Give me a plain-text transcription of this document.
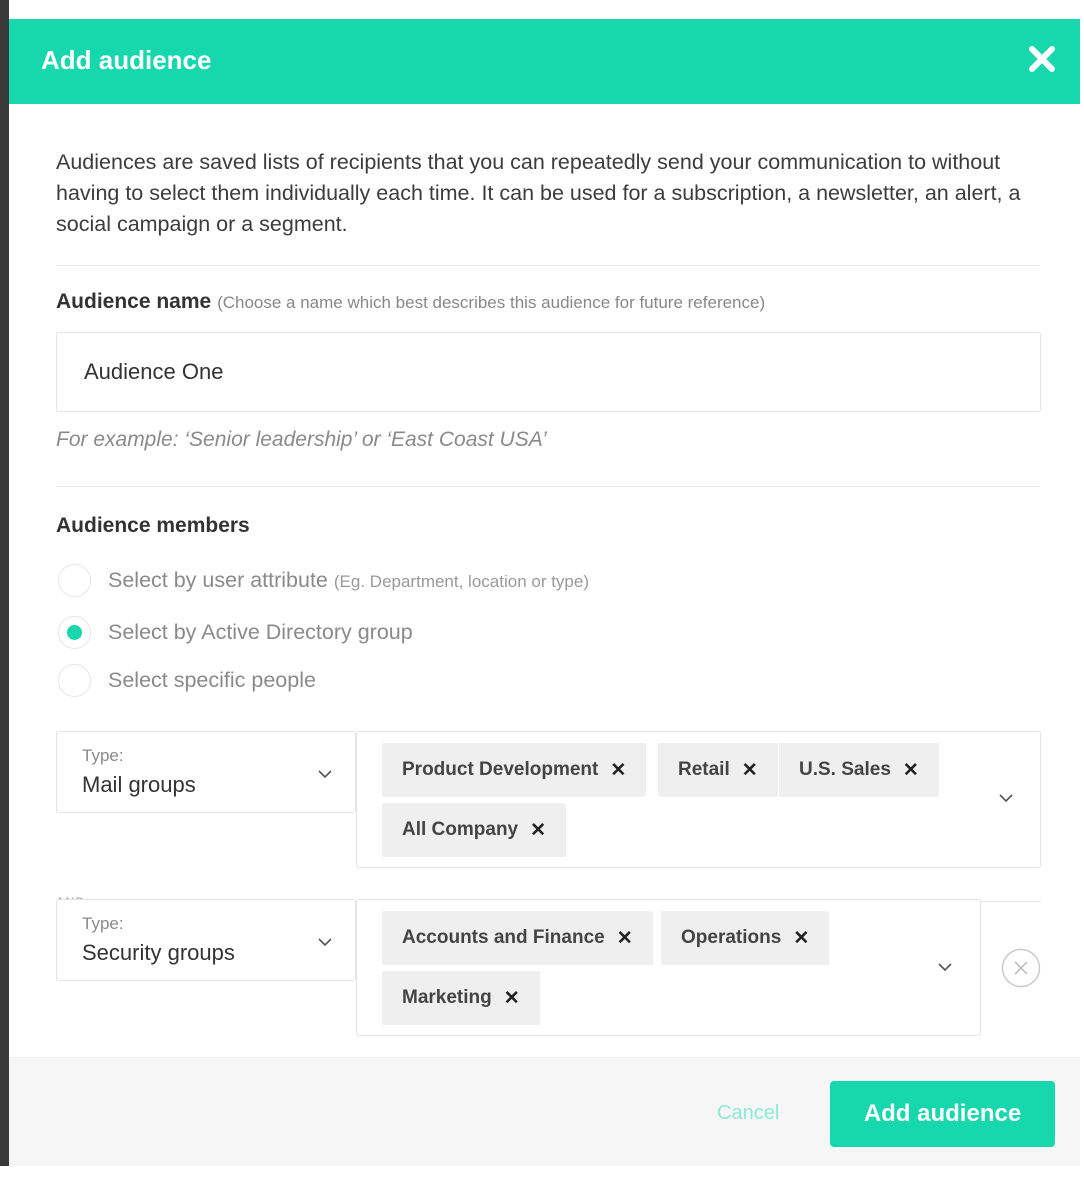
Add audience
Audiences are saved lists of recipients that you can repeatedly send your communication to without having to select them individually each time. It can be used for a subscription, a newsletter, an alert, a social campaign or a segment.
Audience name (Choose a name which best describes this audience for future reference)
Audience One
For example: ‘Senior leadership’ or ‘East Coast USA’
Audience members
Select by user attribute (Eg. Department, location or type)
Select by Active Directory group
Select specific people
Type:
Mail groups
Product Development ✕	Retail ✕ U.S. Sales ✕
All Company ✕
Type:
Security groups
Accounts and Finance ✕	Operations ✕
Marketing ✕
Cancel	Add audience
